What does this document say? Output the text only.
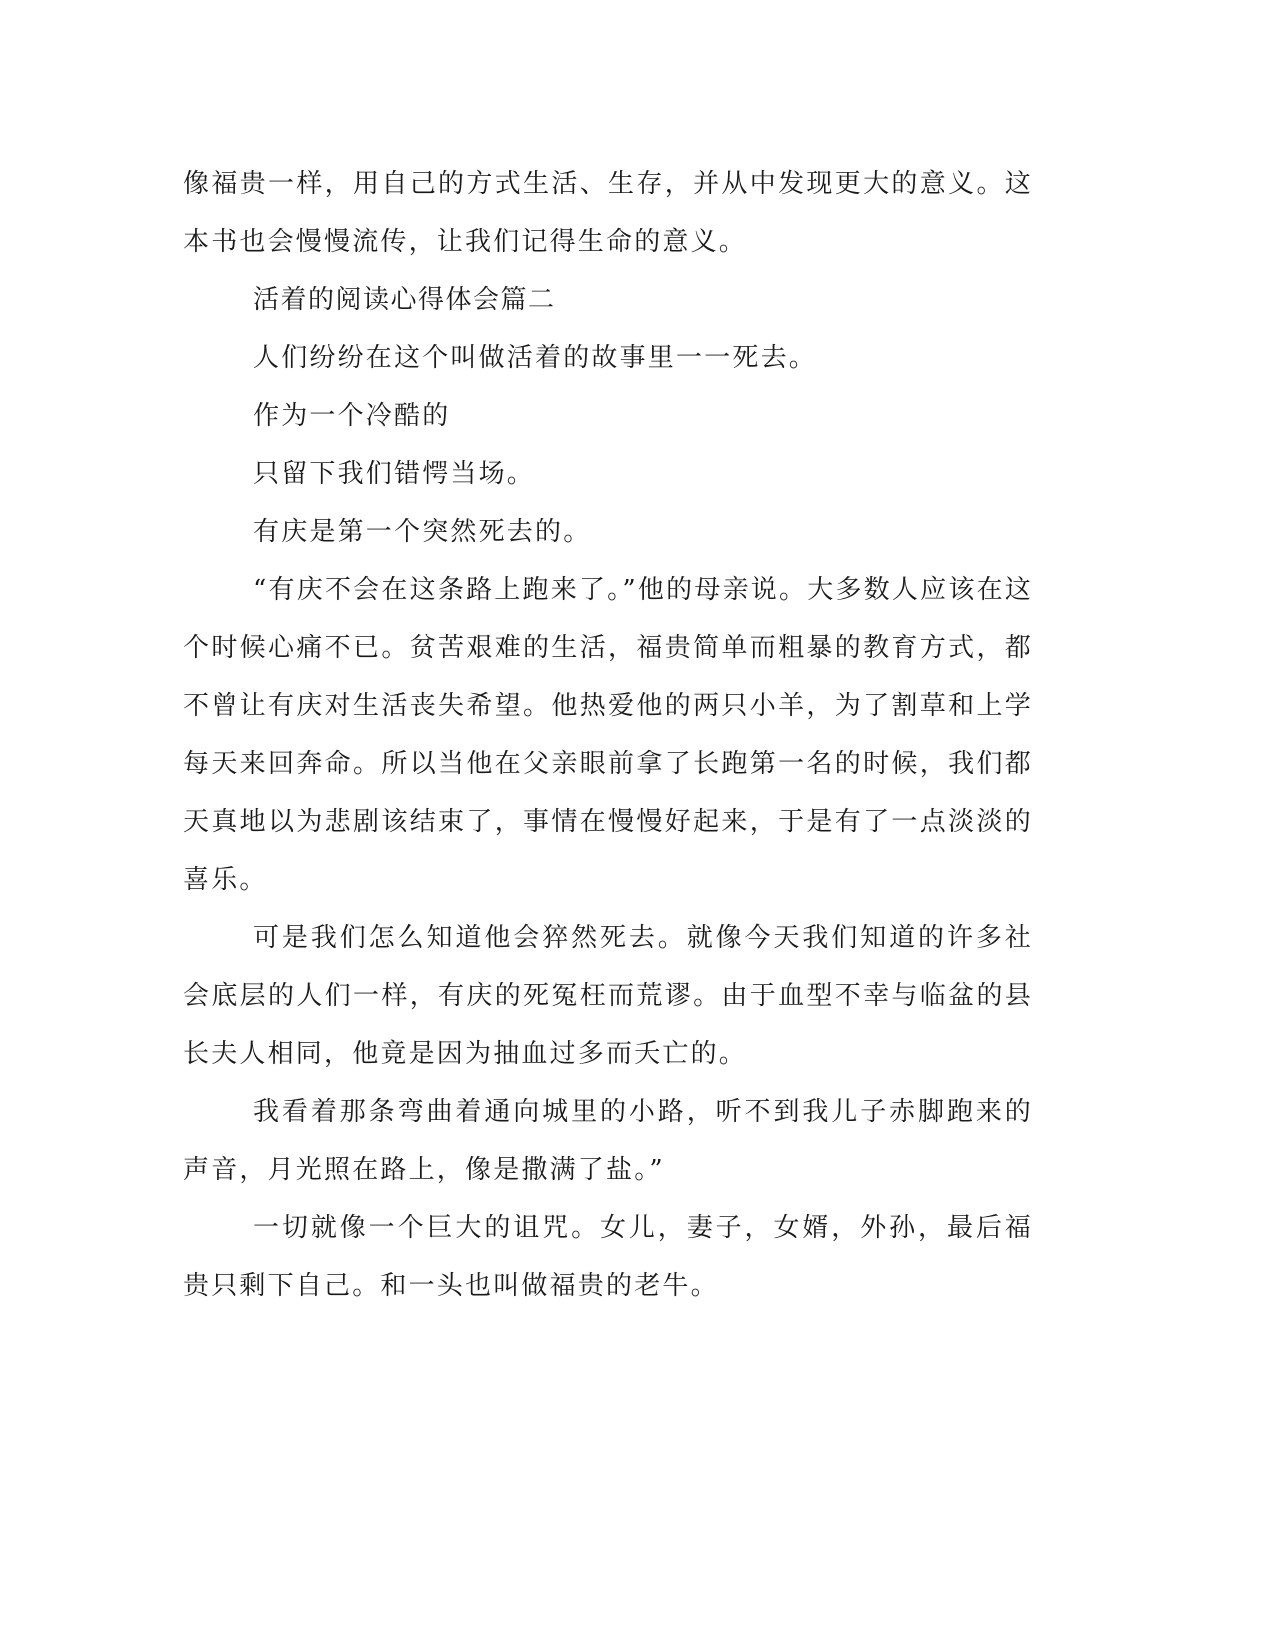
像福贵一样，用自己的方式生活、生存，并从中发现更大的意义。这本书也会慢慢流传，让我们记得生命的意义。

活着的阅读心得体会篇二

人们纷纷在这个叫做活着的故事里一一死去。

作为一个冷酷的

只留下我们错愕当场。

有庆是第一个突然死去的。

“有庆不会在这条路上跑来了。”他的母亲说。大多数人应该在这个时候心痛不已。贫苦艰难的生活，福贵简单而粗暴的教育方式，都不曾让有庆对生活丧失希望。他热爱他的两只小羊，为了割草和上学每天来回奔命。所以当他在父亲眼前拿了长跑第一名的时候，我们都天真地以为悲剧该结束了，事情在慢慢好起来，于是有了一点淡淡的喜乐。

可是我们怎么知道他会猝然死去。就像今天我们知道的许多社会底层的人们一样，有庆的死冤枉而荒谬。由于血型不幸与临盆的县长夫人相同，他竟是因为抽血过多而夭亡的。

我看着那条弯曲着通向城里的小路，听不到我儿子赤脚跑来的声音，月光照在路上，像是撒满了盐。”

一切就像一个巨大的诅咒。女儿，妻子，女婿，外孙，最后福贵只剩下自己。和一头也叫做福贵的老牛。
